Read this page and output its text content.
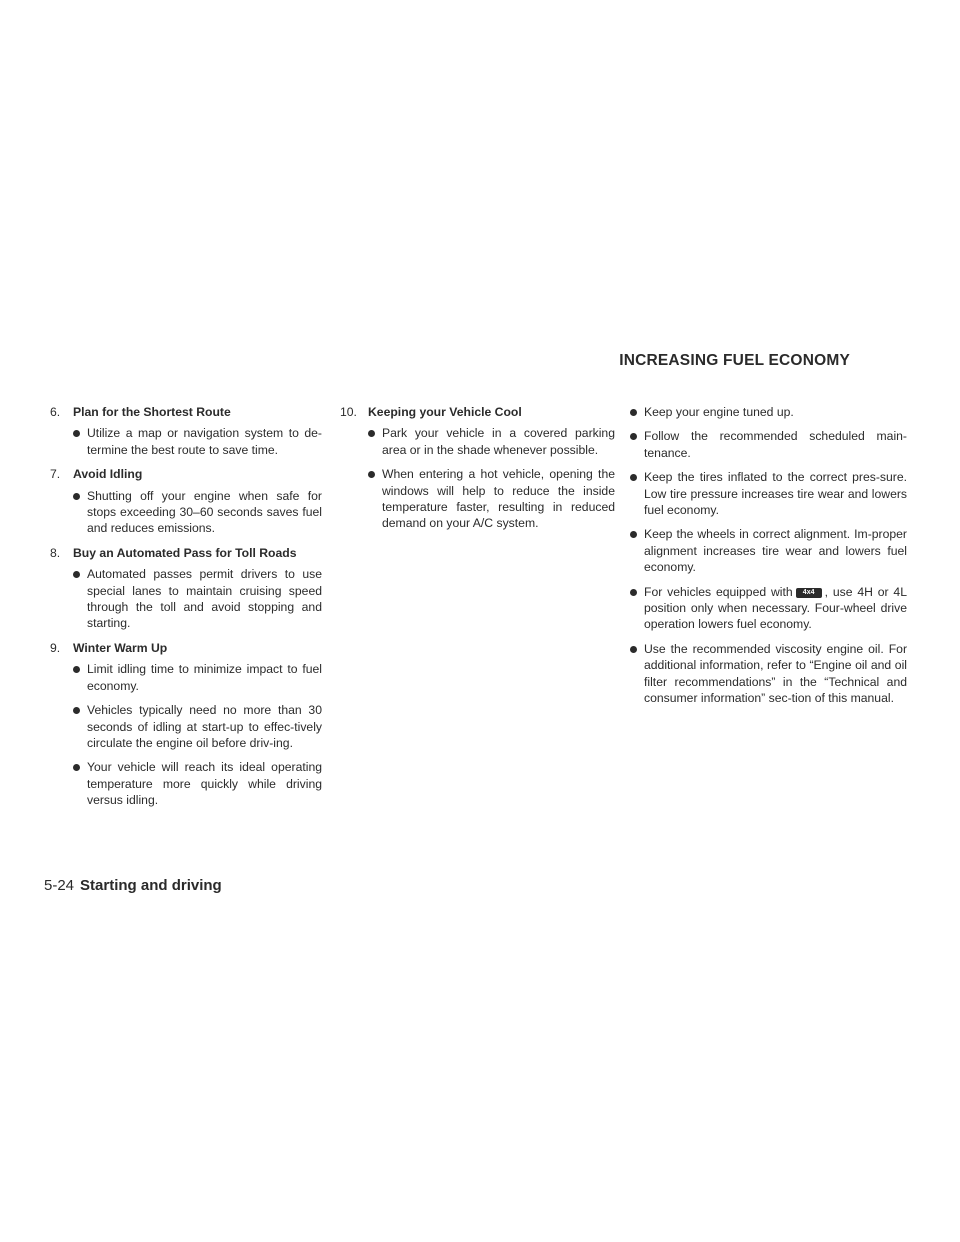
INCREASING FUEL ECONOMY
6.	Plan for the Shortest Route
Utilize a map or navigation system to de-termine the best route to save time.
7.	Avoid Idling
Shutting off your engine when safe for stops exceeding 30–60 seconds saves fuel and reduces emissions.
8.	Buy an Automated Pass for Toll Roads
Automated passes permit drivers to use special lanes to maintain cruising speed through the toll and avoid stopping and starting.
9.	Winter Warm Up
Limit idling time to minimize impact to fuel economy.
Vehicles typically need no more than 30 seconds of idling at start-up to effec-tively circulate the engine oil before driv-ing.
Your vehicle will reach its ideal operating temperature more quickly while driving versus idling.
10. Keeping your Vehicle Cool
Park your vehicle in a covered parking area or in the shade whenever possible.
When entering a hot vehicle, opening the windows will help to reduce the inside temperature faster, resulting in reduced demand on your A/C system.
Keep your engine tuned up.
Follow the recommended scheduled main-tenance.
Keep the tires inflated to the correct pres-sure. Low tire pressure increases tire wear and lowers fuel economy.
Keep the wheels in correct alignment. Im-proper alignment increases tire wear and lowers fuel economy.
For vehicles equipped with 4x4 , use 4H or 4L position only when necessary. Four-wheel drive operation lowers fuel economy.
Use the recommended viscosity engine oil. For additional information, refer to “Engine oil and oil filter recommendations” in the “Technical and consumer information” sec-tion of this manual.
5-24 Starting and driving
